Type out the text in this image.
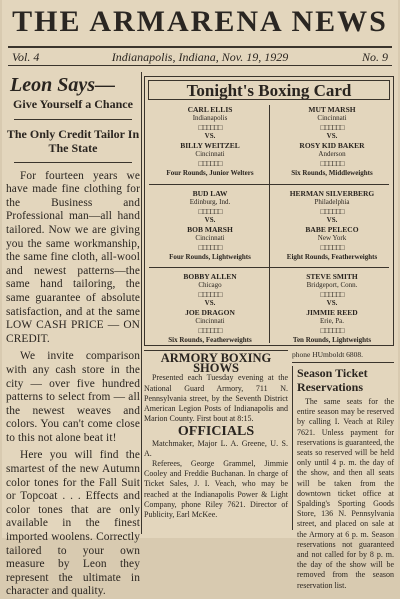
THE ARMARENA NEWS
Vol. 4	Indianapolis, Indiana, Nov. 19, 1929	No. 9
Leon Says—
Give Yourself a Chance
The Only Credit Tailor In The State

For fourteen years we have made fine clothing for the Business and Professional man—all hand tailored. Now we are giving you the same workmanship, the same fine cloth, all-wool and newest patterns—the same hand tailoring, the same guarantee of absolute satisfaction, and at the same LOW CASH PRICE — ON CREDIT.

We invite comparison with any cash store in the city — over five hundred patterns to select from — all the newest weaves and colors. You can't come close to this not alone beat it!

Here you will find the smartest of the new Autumn color tones for the Fall Suit or Topcoat . . . Effects and color tones that are only available in the finest imported woolens. Correctly tailored to your own measure by Leon they represent the ultimate in character and quality.

Tonight's Boxing Card
CARL ELLIS
Indianapolis
□□□□□□
VS.
BILLY WEITZEL
Cincinnati
□□□□□□
Four Rounds, Junior Welters
MUT MARSH
Cincinnati
□□□□□□
VS.
ROSY KID BAKER
Anderson
□□□□□□
Six Rounds, Middleweights
BUD LAW
Edinburg, Ind.
□□□□□□
VS.
BOB MARSH
Cincinnati
□□□□□□
Four Rounds, Lightweights
HERMAN SILVERBERG
Philadelphia
□□□□□□
VS.
BABE PELECO
New York
□□□□□□
Eight Rounds, Featherweights
BOBBY ALLEN
Chicago
□□□□□□
VS.
JOE DRAGON
Cincinnati
□□□□□□
Six Rounds, Featherweights
STEVE SMITH
Bridgeport, Conn.
□□□□□□
VS.
JIMMIE REED
Erie, Pa.
□□□□□□
Ten Rounds, Lightweights
ARMORY BOXING SHOWS

Presented each Tuesday evening at the National Guard Armory, 711 N. Pennsylvania street, by the Seventh District American Legion Posts of Indianapolis and Marion County. First bout at 8:15.

OFFICIALS

Matchmaker, Major L. A. Greene, U. S. A.

Referees, George Grammel, Jimmie Cooley and Freddie Buchanan. In charge of Ticket Sales, J. I. Veach, who may be reached at the Indianapolis Power & Light Company, phone Riley 7621. Director of Publicity, Earl McKee.

phone HUmboldt 6808.
Season Ticket Reservations

The same seats for the entire season may be reserved by calling I. Veach at Riley 7621. Unless payment for reservations is guaranteed, the seats so reserved will be held only until 4 p. m. the day of the show, and then all seats will be taken from the downtown ticket office at Spalding's Sporting Goods Store, 136 N. Pennsylvania street, and placed on sale at the Armory at 6 p. m. Season reservations not guaranteed and not called for by 8 p. m. the day of the show will be removed from the season reservation list.
